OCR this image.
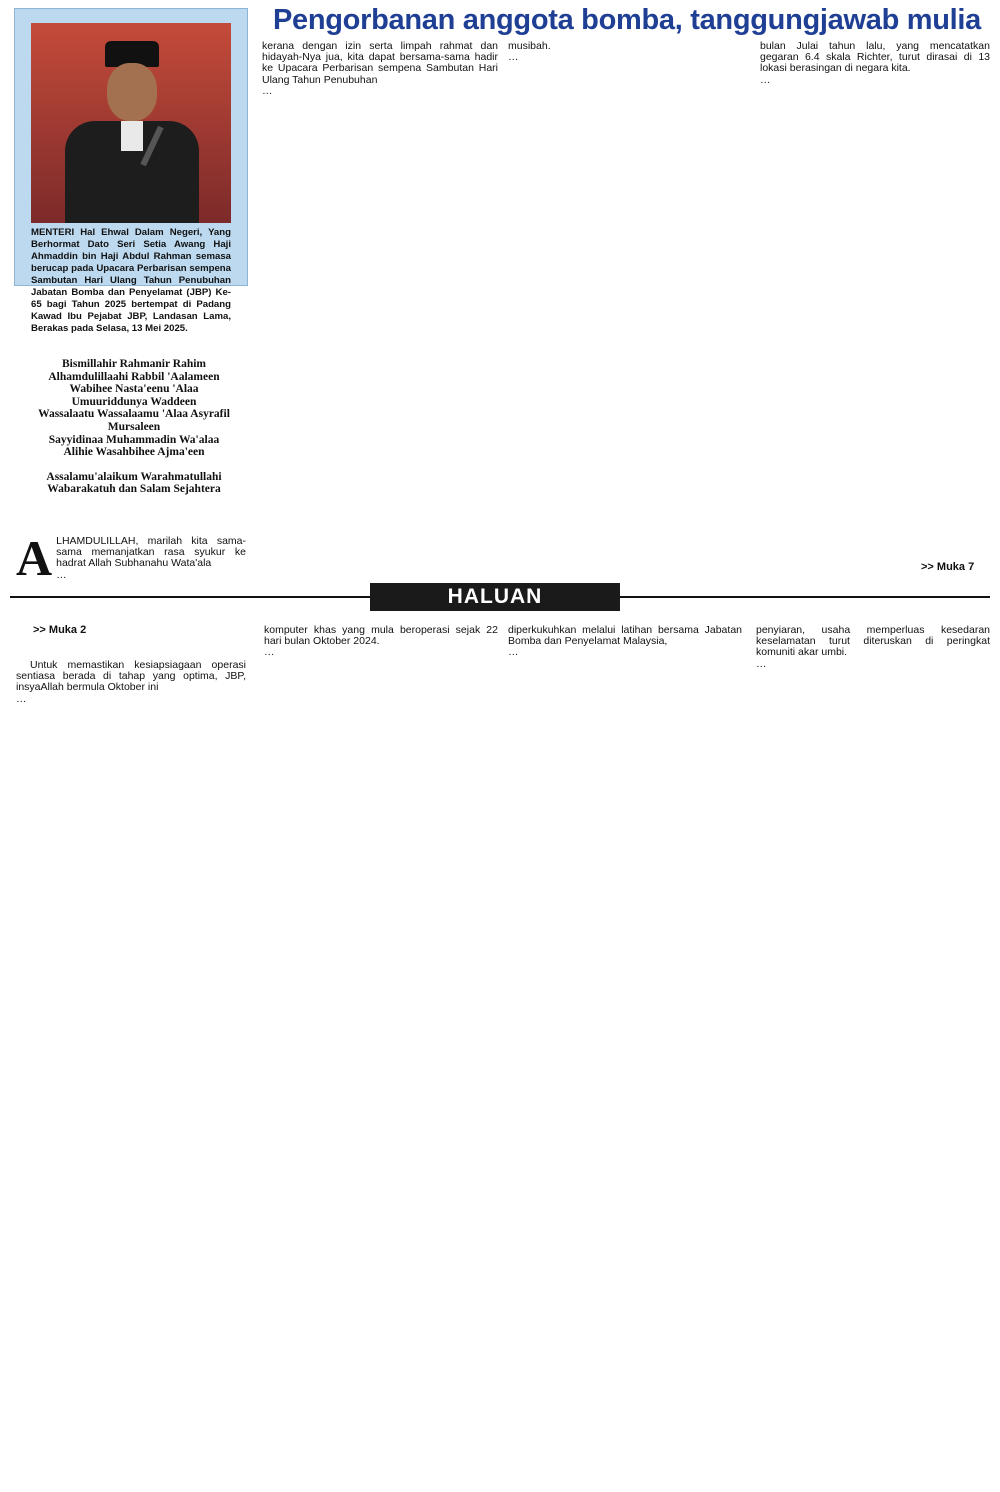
Pengorbanan anggota bomba, tanggungjawab mulia
MENTERI Hal Ehwal Dalam Negeri, Yang Berhormat Dato Seri Setia Awang Haji Ahmaddin bin Haji Abdul Rahman semasa berucap pada Upacara Perbarisan sempena Sambutan Hari Ulang Tahun Penubuhan Jabatan Bomba dan Penyelamat (JBP) Ke-65 bagi Tahun 2025 bertempat di Padang Kawad Ibu Pejabat JBP, Landasan Lama, Berakas pada Selasa, 13 Mei 2025.
Bismillahir Rahmanir Rahim
Alhamdulillaahi Rabbil 'Aalameen
Wabihee Nasta'eenu 'Alaa
Umuuriddunya Waddeen
Wassalaatu Wassalaamu 'Alaa Asyrafil
Mursaleen
Sayyidinaa Muhammadin Wa'alaa
Alihie Wasahbihee Ajma'een
Assalamu'alaikum Warahmatullahi
Wabarakatuh dan Salam Sejahtera
A LHAMDULILLAH, marilah kita sama-sama memanjatkan rasa syukur ke hadrat Allah Subhanahu Wata'ala

…

kerana dengan izin serta limpah rahmat dan hidayah-Nya jua, kita dapat bersama-sama hadir ke Upacara Perbarisan sempena Sambutan Hari Ulang Tahun Penubuhan

…

musibah.

…

bulan Julai tahun lalu, yang mencatatkan gegaran 6.4 skala Richter, turut dirasai di 13 lokasi berasingan di negara kita.

…

>> Muka 7
HALUAN
>> Muka 2

Untuk memastikan kesiapsiagaan operasi sentiasa berada di tahap yang optima, JBP, insyaAllah bermula Oktober ini

…

komputer khas yang mula beroperasi sejak 22 hari bulan Oktober 2024.

…

diperkukuhkan melalui latihan bersama Jabatan Bomba dan Penyelamat Malaysia,

…

penyiaran, usaha memperluas kesedaran keselamatan turut diteruskan di peringkat komuniti akar umbi.

…
